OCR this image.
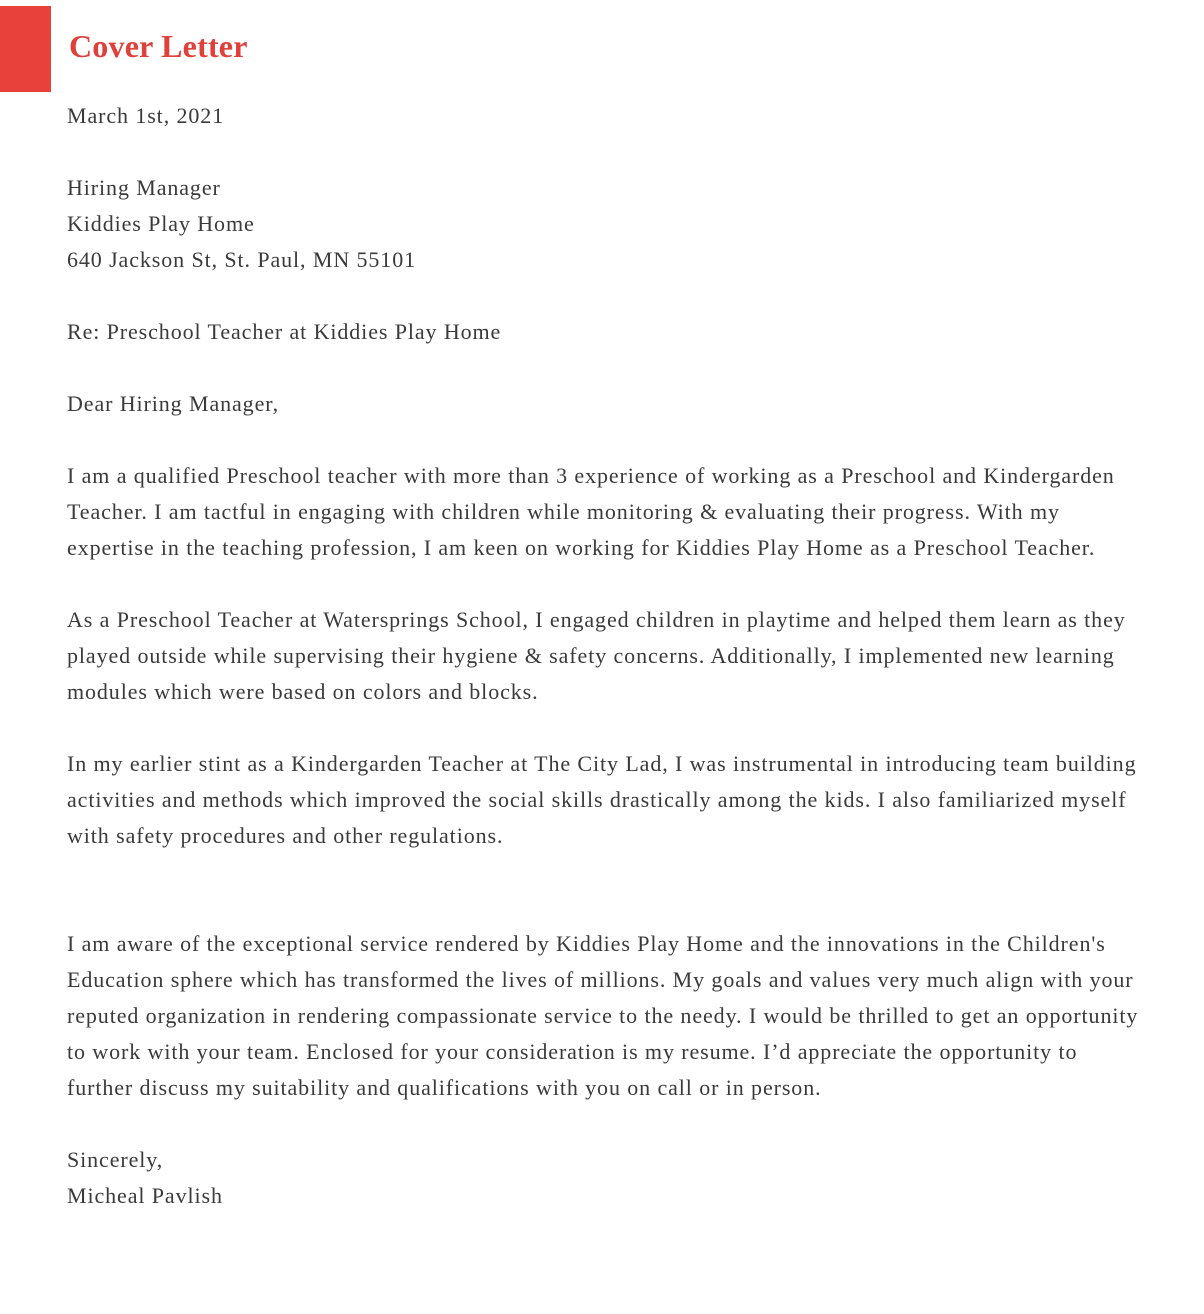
Cover Letter

March 1st, 2021

Hiring Manager
Kiddies Play Home
640 Jackson St, St. Paul, MN 55101

Re: Preschool Teacher at Kiddies Play Home

Dear Hiring Manager,

I am a qualified Preschool teacher with more than 3 experience of working as a Preschool and Kindergarden Teacher. I am tactful in engaging with children while monitoring & evaluating their progress. With my expertise in the teaching profession, I am keen on working for Kiddies Play Home as a Preschool Teacher.

As a Preschool Teacher at Watersprings School, I engaged children in playtime and helped them learn as they played outside while supervising their hygiene & safety concerns. Additionally, I implemented new learning modules which were based on colors and blocks.

In my earlier stint as a Kindergarden Teacher at The City Lad, I was instrumental in introducing team building activities and methods which improved the social skills drastically among the kids. I also familiarized myself with safety procedures and other regulations.

I am aware of the exceptional service rendered by Kiddies Play Home and the innovations in the Children's Education sphere which has transformed the lives of millions. My goals and values very much align with your reputed organization in rendering compassionate service to the needy. I would be thrilled to get an opportunity to work with your team. Enclosed for your consideration is my resume. I’d appreciate the opportunity to further discuss my suitability and qualifications with you on call or in person.

Sincerely,
Micheal Pavlish
